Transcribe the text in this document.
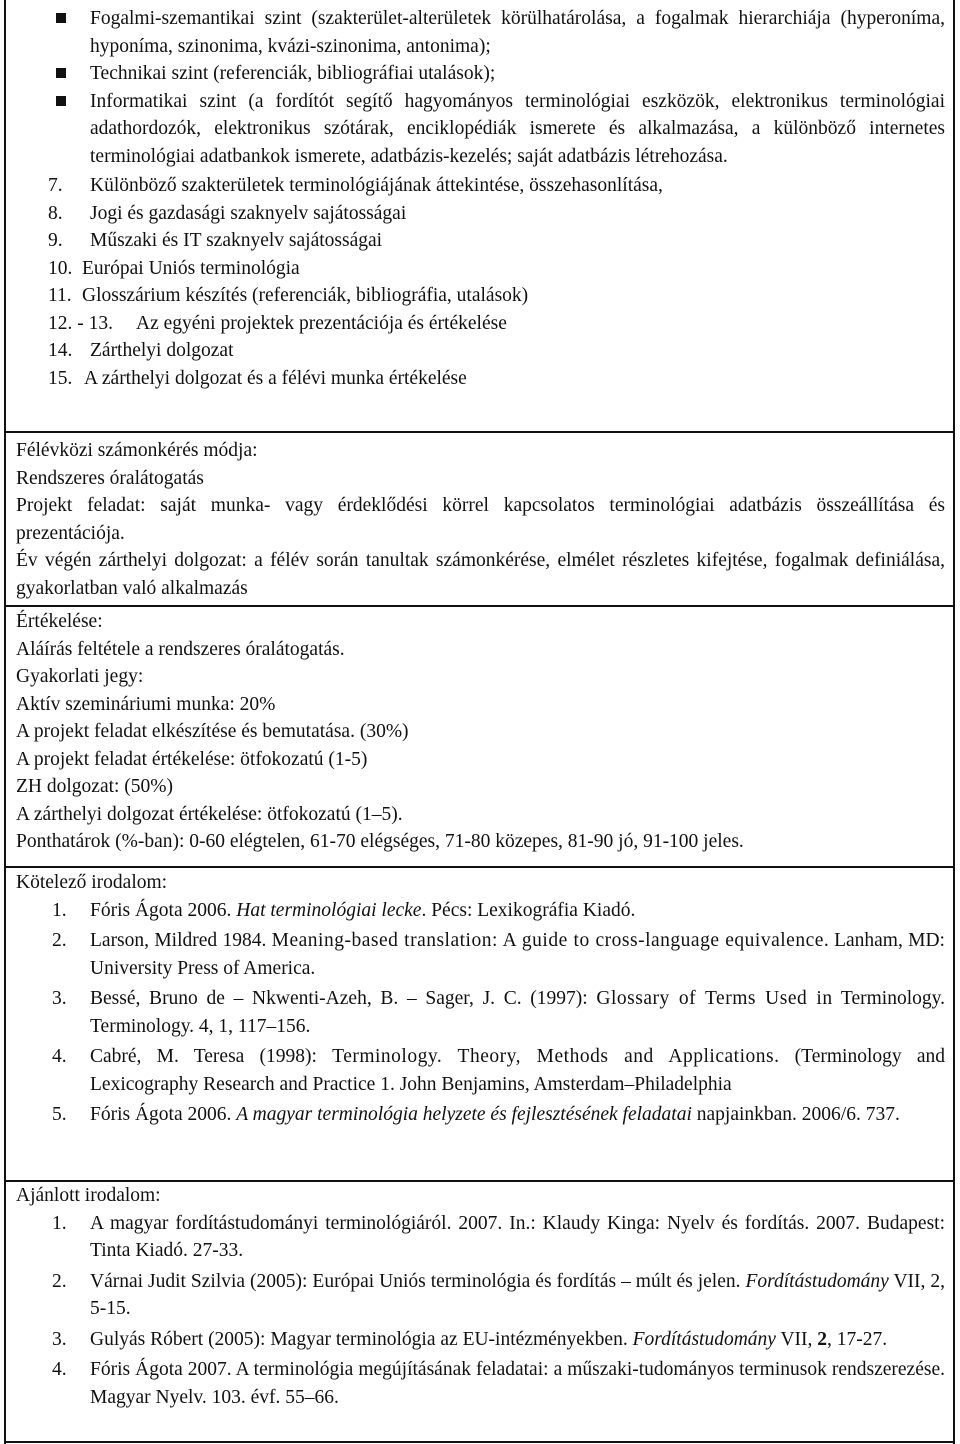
Fogalmi-szemantikai szint (szakterület-alterületek körülhatárolása, a fogalmak hierarchiája (hyperoníma, hyponíma, szinonima, kvázi-szinonima, antonima);
Technikai szint (referenciák, bibliográfiai utalások);
Informatikai szint (a fordítót segítő hagyományos terminológiai eszközök, elektronikus terminológiai adathordozók, elektronikus szótárak, enciklopédiák ismerete és alkalmazása, a különböző internetes terminológiai adatbankok ismerete, adatbázis-kezelés; saját adatbázis létrehozása.
7. Különböző szakterületek terminológiájának áttekintése, összehasonlítása,
8. Jogi és gazdasági szaknyelv sajátosságai
9. Műszaki és IT szaknyelv sajátosságai
10. Európai Uniós terminológia
11. Glosszárium készítés (referenciák, bibliográfia, utalások)
12. - 13. Az egyéni projektek prezentációja és értékelése
14. Zárthelyi dolgozat
15. A zárthelyi dolgozat és a félévi munka értékelése
Félévközi számonkérés módja:
Rendszeres óralátogatás
Projekt feladat: saját munka- vagy érdeklődési körrel kapcsolatos terminológiai adatbázis összeállítása és prezentációja.
Év végén zárthelyi dolgozat: a félév során tanultak számonkérése, elmélet részletes kifejtése, fogalmak definiálása, gyakorlatban való alkalmazás
Értékelése:
Aláírás feltétele a rendszeres óralátogatás.
Gyakorlati jegy:
Aktív szemináriumi munka: 20%
A projekt feladat elkészítése és bemutatása. (30%)
A projekt feladat értékelése: ötfokozatú (1-5)
ZH dolgozat: (50%)
A zárthelyi dolgozat értékelése: ötfokozatú (1–5).
Ponthatárok (%-ban): 0-60 elégtelen, 61-70 elégséges, 71-80 közepes, 81-90 jó, 91-100 jeles.
Kötelező irodalom:
1. Fóris Ágota 2006. Hat terminológiai lecke. Pécs: Lexikográfia Kiadó.
2. Larson, Mildred 1984. Meaning-based translation: A guide to cross-language equivalence. Lanham, MD: University Press of America.
3. Bessé, Bruno de – Nkwenti-Azeh, B. – Sager, J. C. (1997): Glossary of Terms Used in Terminology. Terminology. 4, 1, 117–156.
4. Cabré, M. Teresa (1998): Terminology. Theory, Methods and Applications. (Terminology and Lexicography Research and Practice 1. John Benjamins, Amsterdam–Philadelphia
5. Fóris Ágota 2006. A magyar terminológia helyzete és fejlesztésének feladatai napjainkban. 2006/6. 737.
Ajánlott irodalom:
1. A magyar fordítástudományi terminológiáról. 2007. In.: Klaudy Kinga: Nyelv és fordítás. 2007. Budapest: Tinta Kiadó. 27-33.
2. Várnai Judit Szilvia (2005): Európai Uniós terminológia és fordítás – múlt és jelen. Fordítástudomány VII, 2, 5-15.
3. Gulyás Róbert (2005): Magyar terminológia az EU-intézményekben. Fordítástudomány VII, 2, 17-27.
4. Fóris Ágota 2007. A terminológia megújításának feladatai: a műszaki-tudományos terminusok rendszerezése. Magyar Nyelv. 103. évf. 55–66.
